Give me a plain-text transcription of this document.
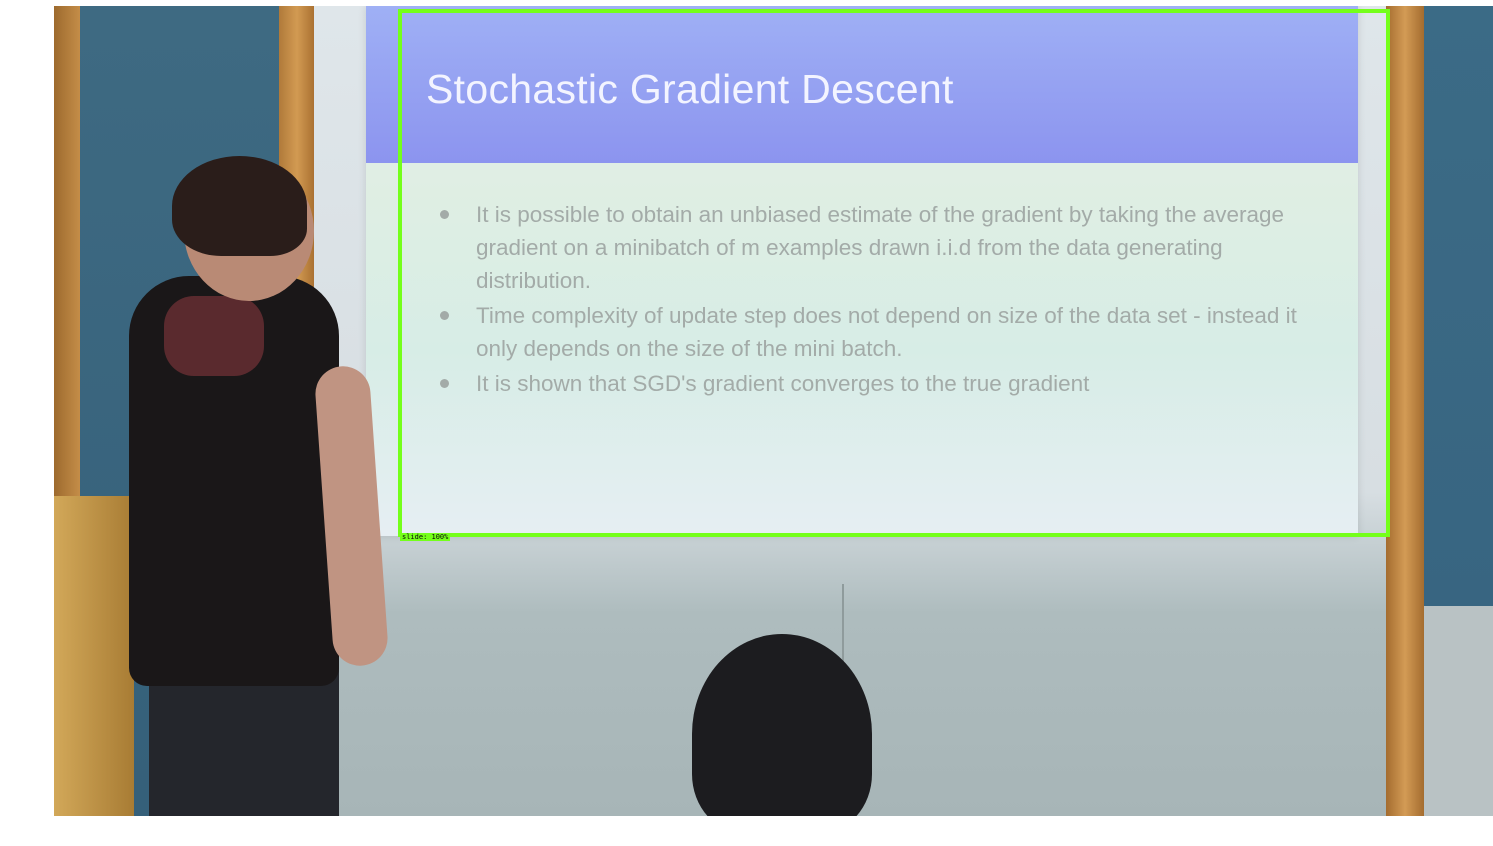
Stochastic Gradient Descent
It is possible to obtain an unbiased estimate of the gradient by taking the average gradient on a minibatch of m examples drawn i.i.d from the data generating distribution.
Time complexity of update step does not depend on size of the data set - instead it only depends on the size of the mini batch.
It is shown that SGD's gradient converges to the true gradient
slide: 100%
